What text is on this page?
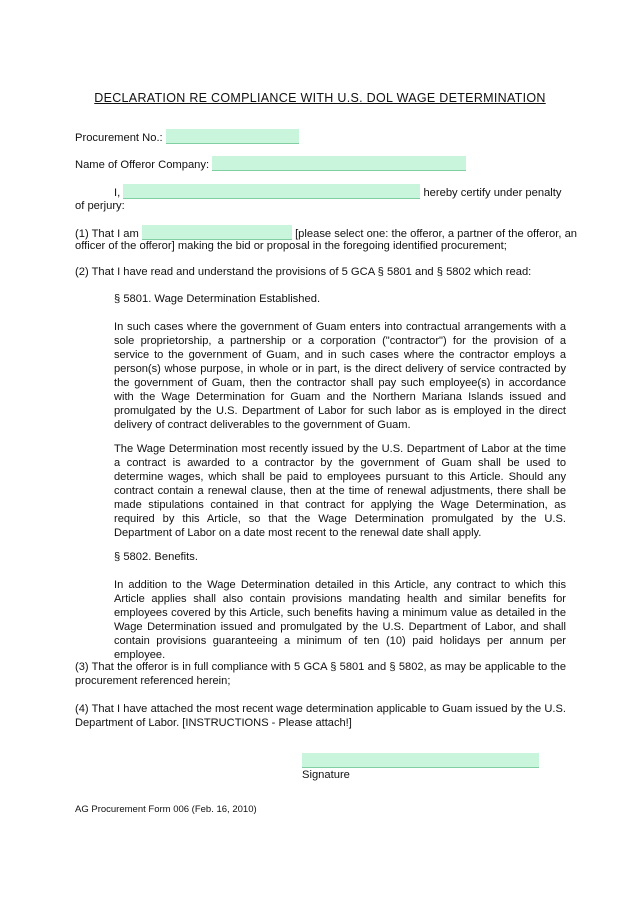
DECLARATION RE COMPLIANCE WITH U.S. DOL WAGE DETERMINATION
Procurement No.:
Name of Offeror Company:
I,	hereby certify under penalty
of perjury:
(1) That I am	[please select one: the offeror, a partner of the offeror, an
officer of the offeror] making the bid or proposal in the foregoing identified procurement;
(2) That I have read and understand the provisions of 5 GCA § 5801 and § 5802 which read:
§ 5801. Wage Determination Established.
In such cases where the government of Guam enters into contractual arrangements with a sole proprietorship, a partnership or a corporation ("contractor") for the provision of a service to the government of Guam, and in such cases where the contractor employs a person(s) whose purpose, in whole or in part, is the direct delivery of service contracted by the government of Guam, then the contractor shall pay such employee(s) in accordance with the Wage Determination for Guam and the Northern Mariana Islands issued and promulgated by the U.S. Department of Labor for such labor as is employed in the direct delivery of contract deliverables to the government of Guam.
The Wage Determination most recently issued by the U.S. Department of Labor at the time a contract is awarded to a contractor by the government of Guam shall be used to determine wages, which shall be paid to employees pursuant to this Article. Should any contract contain a renewal clause, then at the time of renewal adjustments, there shall be made stipulations contained in that contract for applying the Wage Determination, as required by this Article, so that the Wage Determination promulgated by the U.S. Department of Labor on a date most recent to the renewal date shall apply.
§ 5802. Benefits.
In addition to the Wage Determination detailed in this Article, any contract to which this Article applies shall also contain provisions mandating health and similar benefits for employees covered by this Article, such benefits having a minimum value as detailed in the Wage Determination issued and promulgated by the U.S. Department of Labor, and shall contain provisions guaranteeing a minimum of ten (10) paid holidays per annum per employee.
(3) That the offeror is in full compliance with 5 GCA § 5801 and § 5802, as may be applicable to the procurement referenced herein;
(4) That I have attached the most recent wage determination applicable to Guam issued by the U.S. Department of Labor. [INSTRUCTIONS - Please attach!]
Signature
AG Procurement Form 006 (Feb. 16, 2010)
